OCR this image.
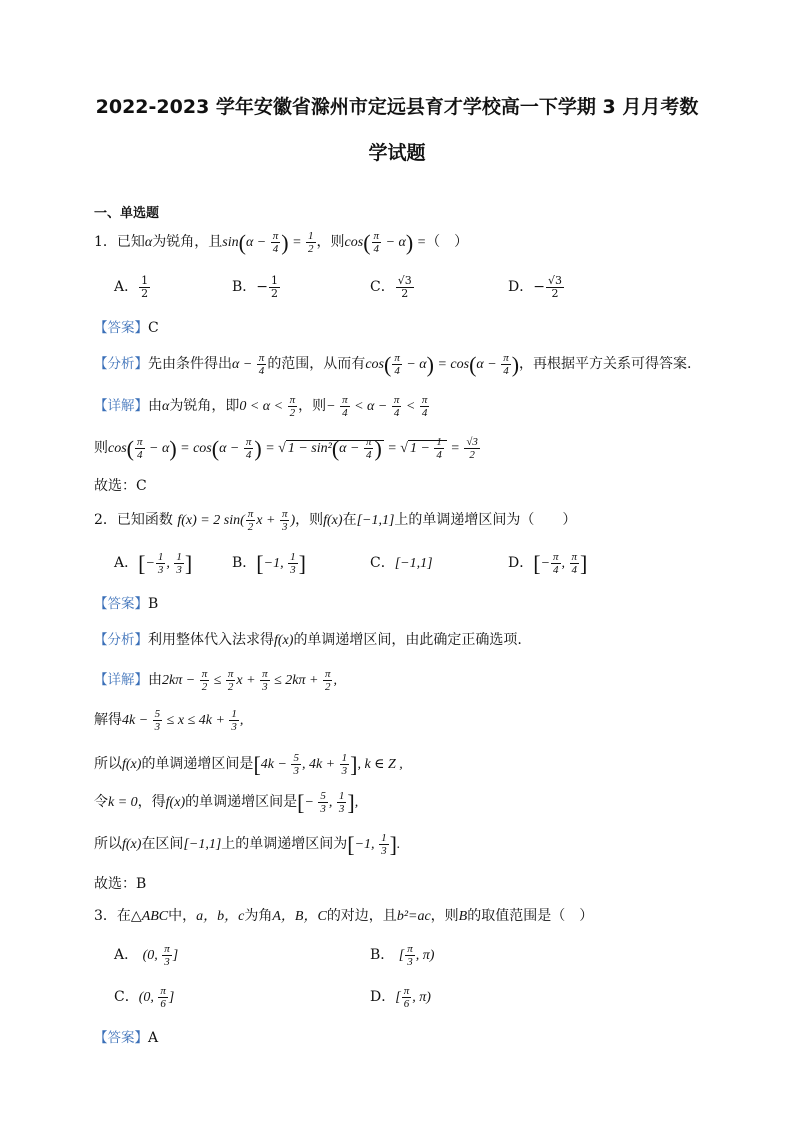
2022-2023 学年安徽省滁州市定远县育才学校高一下学期 3 月月考数
学试题
一、单选题
1．已知α为锐角，且$\sin(\alpha - \frac{\pi}{4}$ ) = $\frac{1}{2}$ ，则$\cos( \frac{\pi}{4} - \alpha)$ =（　）
A． $\frac{1}{2}$	B．− $\frac{1}{2}$	C． $\frac{√3}{2}$	D．− $\frac{√3}{2}$
【答案】C
【分析】先由条件得出$\alpha - \frac{\pi}{4}$ 的范围，从而有$\cos( \frac{\pi}{4} - \alpha) = \cos(\alpha - \frac{\pi}{4}$ )，再根据平方关系可得答案.
【详解】由α为锐角，即$0 < \alpha < \frac{\pi}{2}$ ，则− $\frac{\pi}{4} < \alpha - \frac{\pi}{4} < \frac{\pi}{4}$
则$\cos( \frac{\pi}{4} - \alpha) = \cos(\alpha - \frac{\pi}{4}$ ) = √ $1 - \sin^2(\alpha - \frac{\pi}{4}$ ) = √ $1 - \frac{1}{4} = \frac{√3}{2}$
故选：C
2．已知函数 f(x) = 2 $\sin( \frac{\pi}{2}$ $x + \frac{\pi}{3}$ )，则f(x)在[−1,1]上的单调递增区间为（　　）
A．[− $\frac{1}{3}$ , $\frac{1}{3}$ ]	B．[−1, $\frac{1}{3}$ ]	C．[−1,1]	D．[− $\frac{\pi}{4}$ , $\frac{\pi}{4}$ ]
【答案】B
【分析】利用整体代入法求得f(x)的单调递增区间，由此确定正确选项.
【详解】由$2k\pi - \frac{\pi}{2} \le \frac{\pi}{2}$ $x + \frac{\pi}{3} \le 2k\pi + \frac{\pi}{2}$ ,
解得$4k - \frac{5}{3} \le x \le 4k + \frac{1}{3}$ ,
所以f(x)的单调递增区间是[$4k - \frac{5}{3}$ , $4k + \frac{1}{3}$ ], k ∈ Z ,
令k = 0，得f(x)的单调递增区间是[− $\frac{5}{3}$ , $\frac{1}{3}$ ],
所以f(x)在区间[−1,1]上的单调递增区间为[−1, $\frac{1}{3}$ ].
故选：B
3．在△ABC中，a，b，c为角A，B，C的对边，且b²=ac，则B的取值范围是（　）
A． (0, $\frac{\pi}{3}$ ]	B． [ $\frac{\pi}{3}$ , π)
C．(0, $\frac{\pi}{6}$ ]	D．[ $\frac{\pi}{6}$ , π)
【答案】A
